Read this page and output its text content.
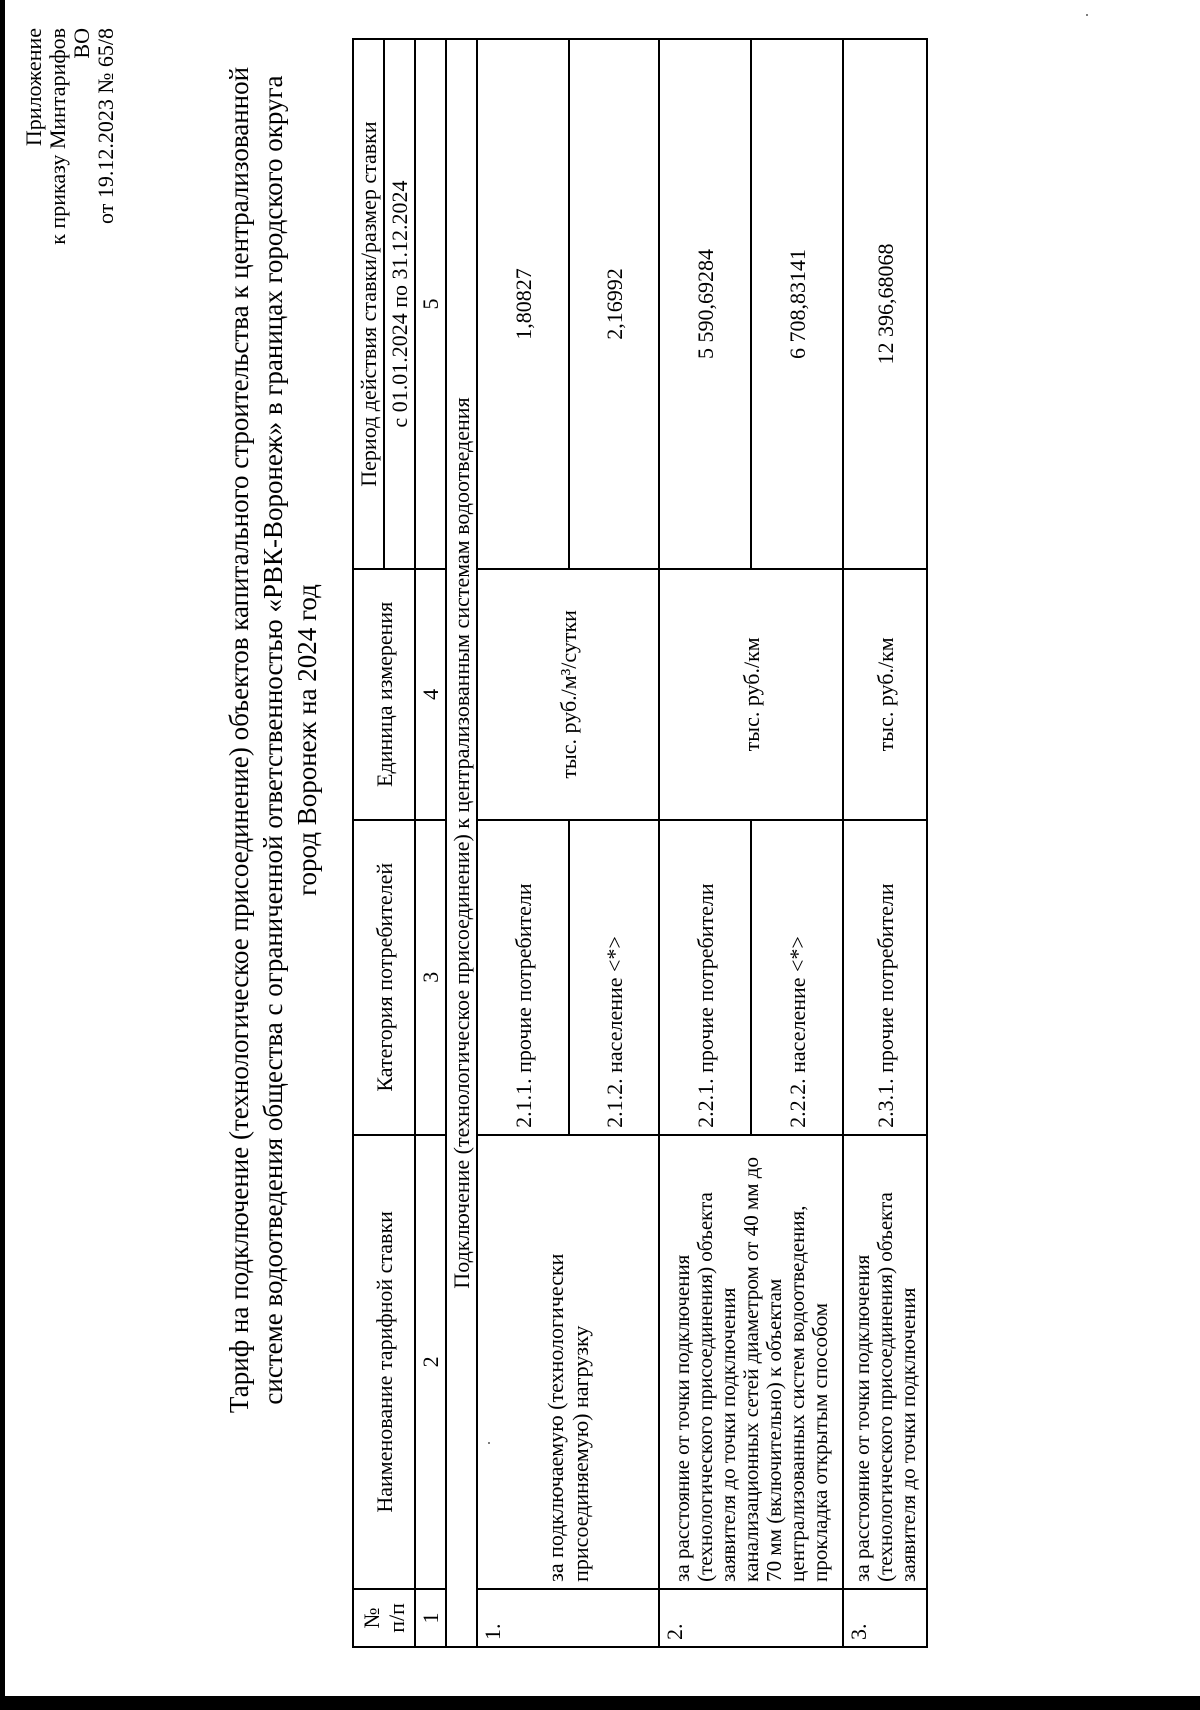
Приложение к приказу Минтарифов ВО от 19.12.2023 № 65/8	Тариф на подключение (технологическое присоединение) объектов капитального строительства к централизованной системе водоотведения общества с ограниченной ответственностью «РВК-Воронеж» в границах городского округа город Воронеж на 2024 год
№ п/п	Наименование тарифной ставки	Категория потребителей	Единица измерения	Период действия ставки/размер ставки
				с 01.01.2024 по 31.12.2024
1	2	3	4	5
Подключение (технологическое присоединение) к централизованным системам водоотведения				
1.	за подключаемую (технологически присоединяемую) нагрузку	2.1.1. прочие потребители	тыс. руб./м³/сутки	1,80827
		2.1.2. население <*>		2,16992
2.	за расстояние от точки подключения (технологического присоединения) объекта заявителя до точки подключения канализационных сетей диаметром от 40 мм до 70 мм (включительно) к объектам централизованных систем водоотведения, прокладка открытым способом	2.2.1. прочие потребители	тыс. руб./км	5 590,69284
		2.2.2. население <*>		6 708,83141
3.	за расстояние от точки подключения (технологического присоединения) объекта заявителя до точки подключения	2.3.1. прочие потребители	тыс. руб./км	12 396,68068
